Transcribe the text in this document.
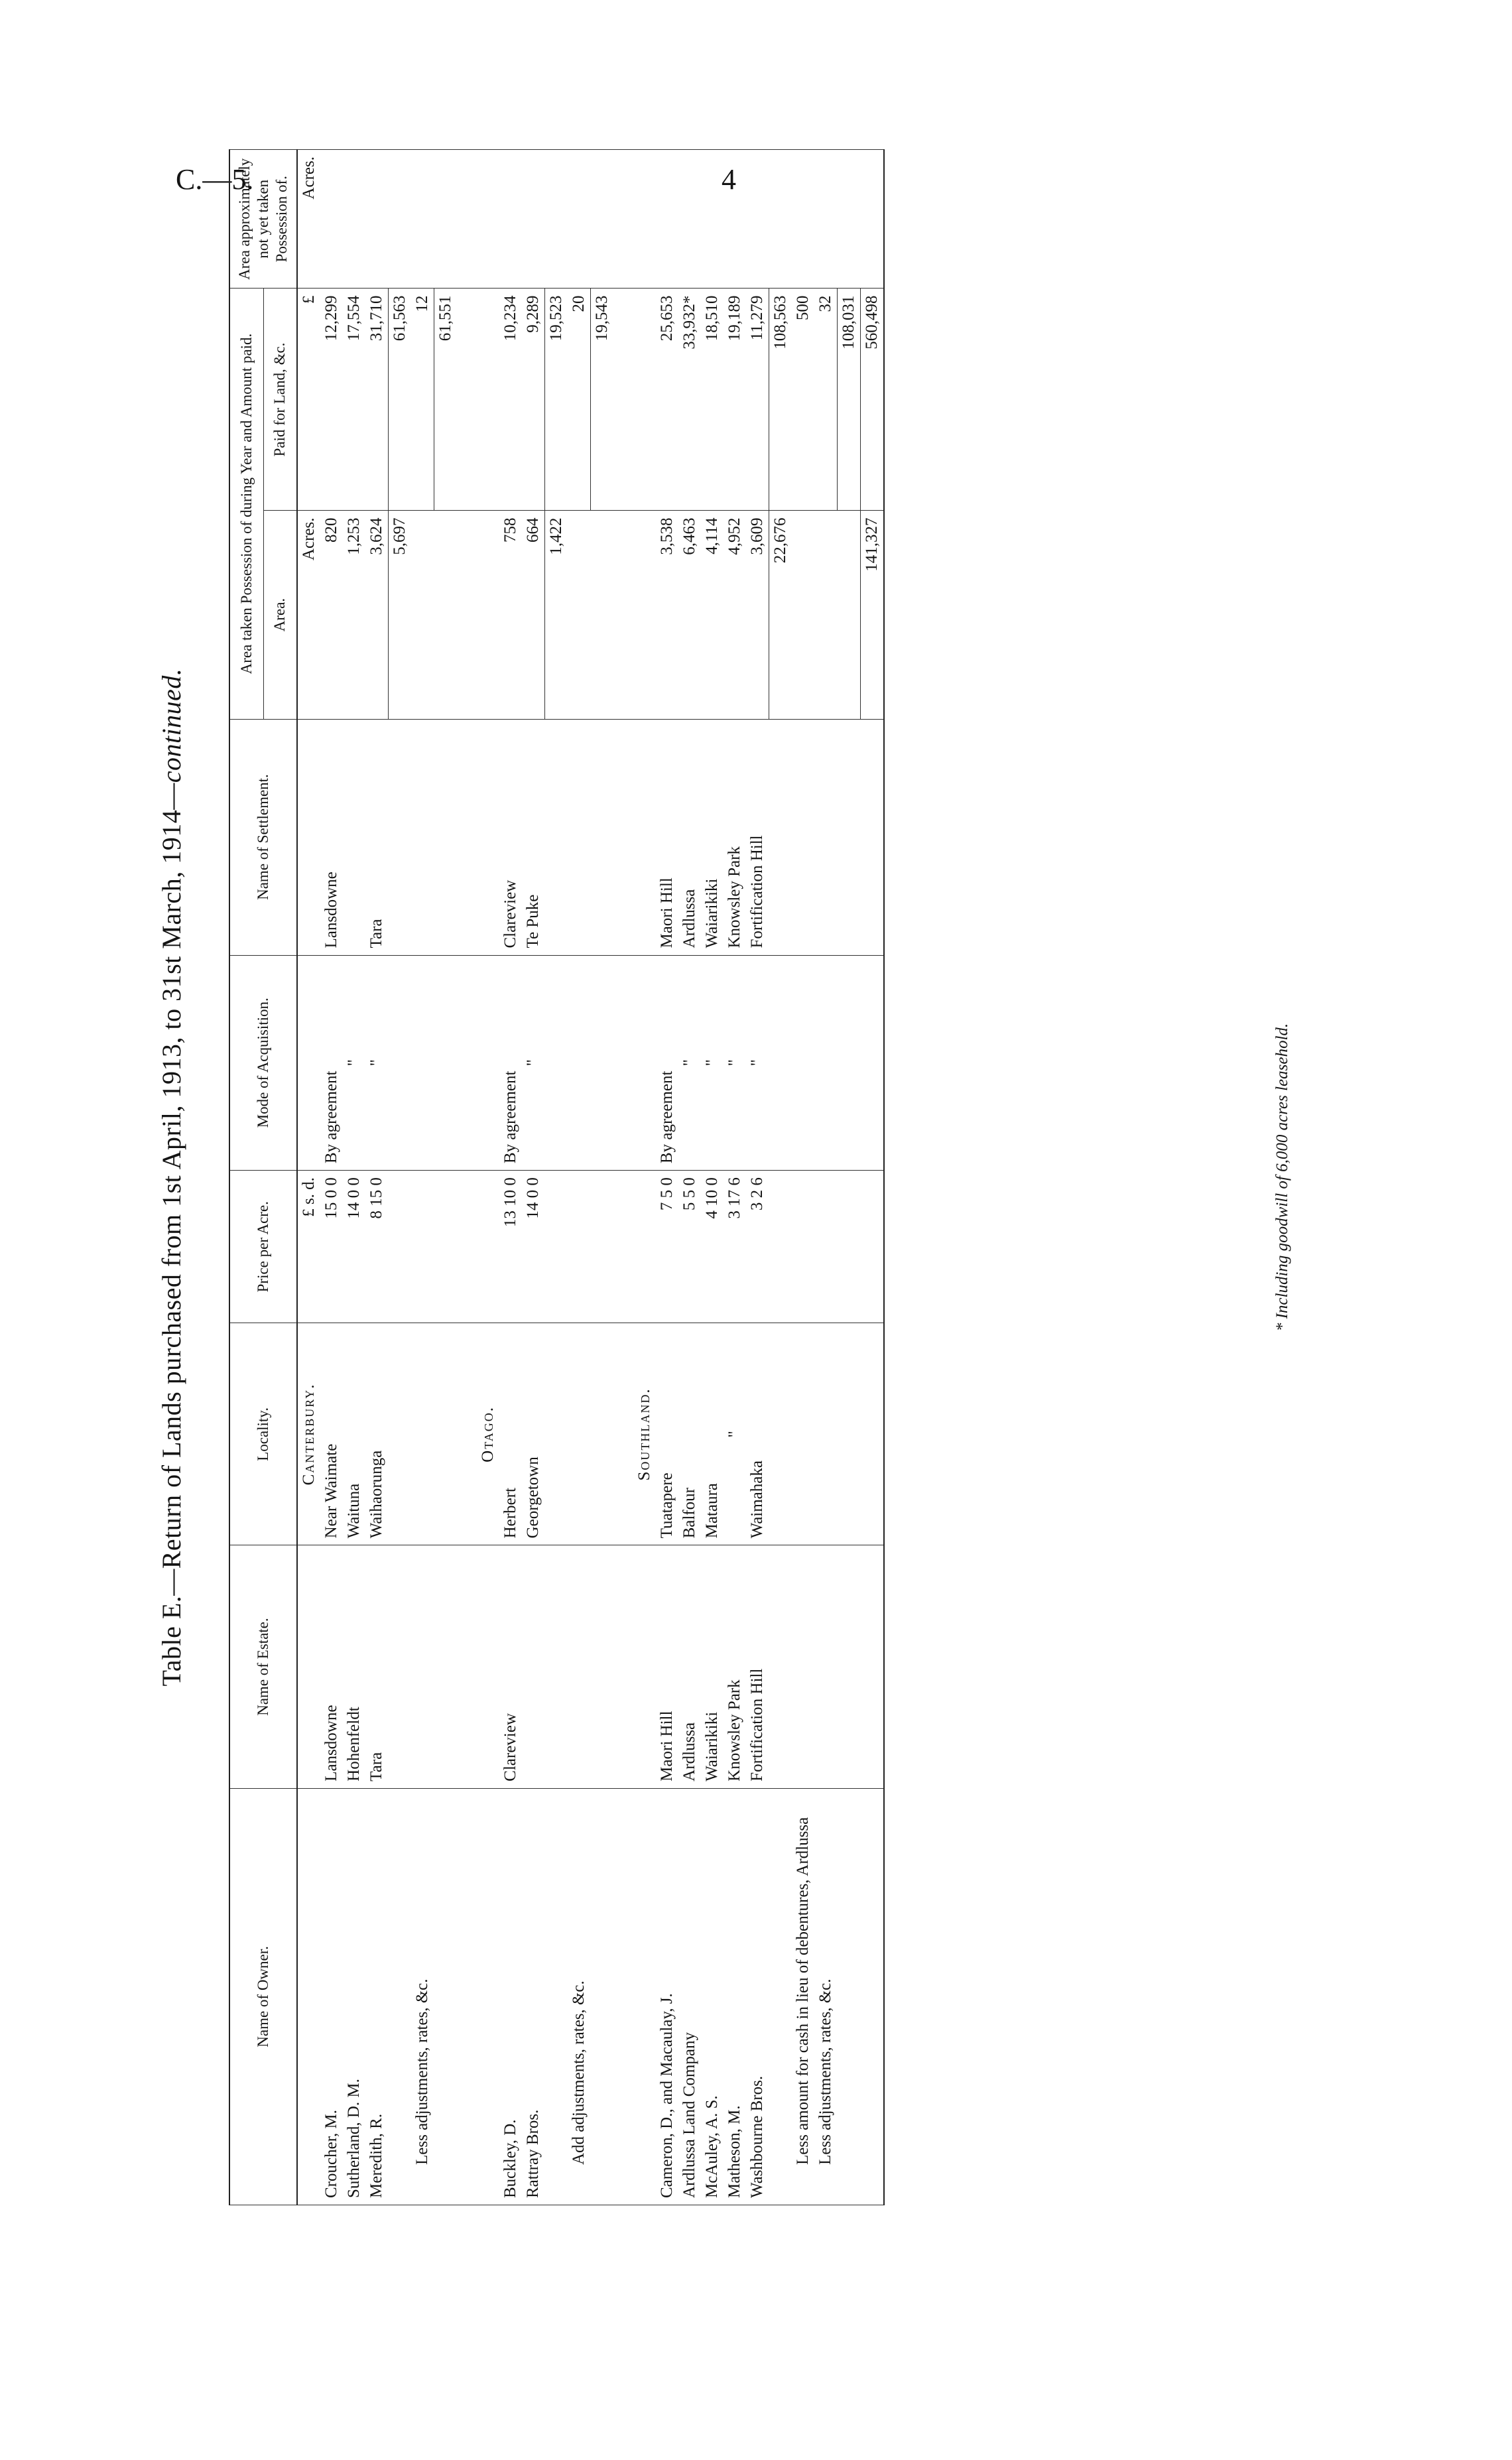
C.—5.	4
Table E.—Return of Lands purchased from 1st April, 1913, to 31st March, 1914—continued.
Name of Owner.	Name of Estate.	Locality.	Price per Acre.	Mode of Acquisition.	Name of Settlement.	Area taken Possession of during Year and Amount paid.		Area approximately not yet taken Possession of.
						Area.	Paid for Land, &c.	

		Canterbury.	£ s. d.			Acres.	£	Acres.
Croucher, M.	Lansdowne	Near Waimate	15 0 0	By agreement	Lansdowne	820	12,299	
Sutherland, D. M.	Hohenfeldt	Waituna	14 0 0	"		1,253	17,554	
Meredith, R.	Tara	Waihaorunga	8 15 0	"	Tara	3,624	31,710	
						5,697	61,563	
Less adjustments, rates, &c.							12	
							61,551	

		Otago.						

Buckley, D.	Clareview	Herbert	13 10 0	By agreement	Clareview	758	10,234	
Rattray Bros.		Georgetown	14 0 0	"	Te Puke	664	9,289	
						1,422	19,523	
Add adjustments, rates, &c.							20	
							19,543	

		Southland.						

Cameron, D., and Macaulay, J.	Maori Hill	Tuatapere	7 5 0	By agreement	Maori Hill	3,538	25,653	
Ardlussa Land Company	Ardlussa	Balfour	5 5 0	"	Ardlussa	6,463	33,932*	
McAuley, A. S.	Waiarikiki	Mataura	4 10 0	"	Waiarikiki	4,114	18,510	
Matheson, M.	Knowsley Park	"	3 17 6	"	Knowsley Park	4,952	19,189	
Washbourne Bros.	Fortification Hill	Waimahaka	3 2 6	"	Fortification Hill	3,609	11,279	
						22,676	108,563	
Less amount for cash in lieu of debentures, Ardlussa							500	
Less adjustments, rates, &c.							32	
							108,031	
						141,327	560,498	
* Including goodwill of 6,000 acres leasehold.
